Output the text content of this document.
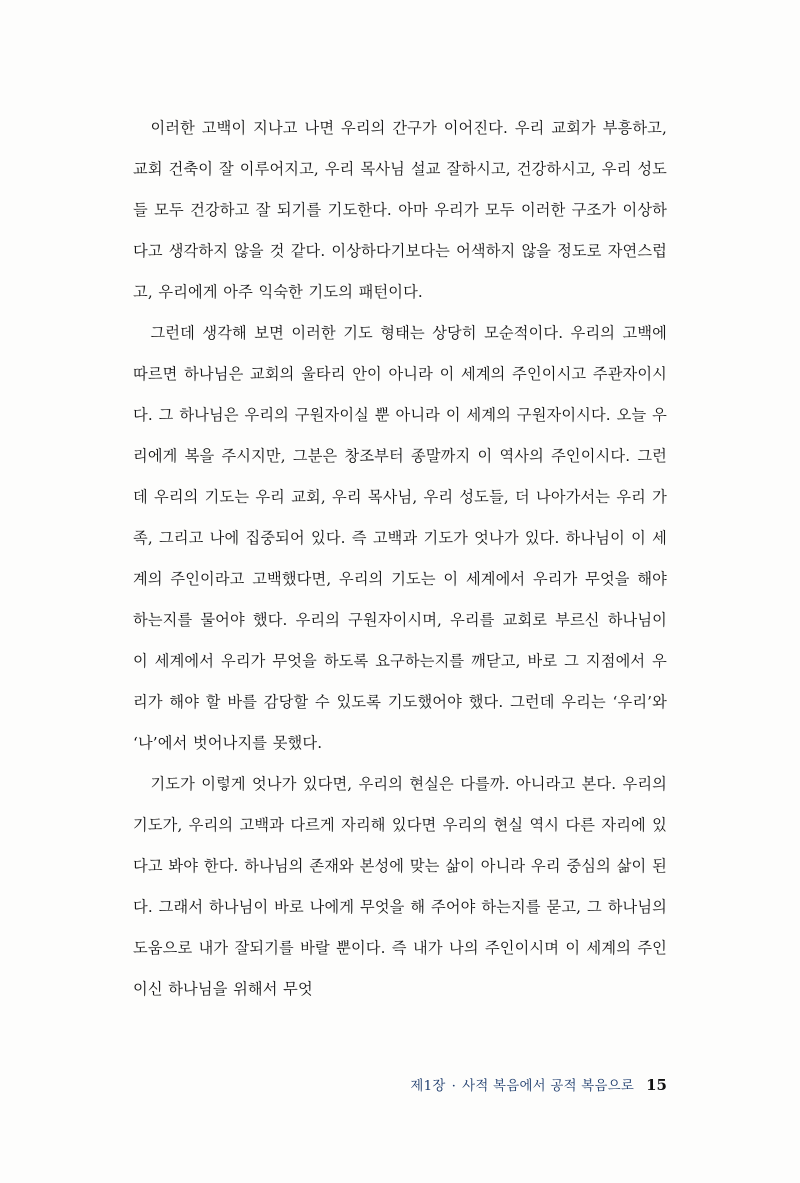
이러한 고백이 지나고 나면 우리의 간구가 이어진다. 우리 교회가 부흥하고, 교회 건축이 잘 이루어지고, 우리 목사님 설교 잘하시고, 건강하시고, 우리 성도들 모두 건강하고 잘 되기를 기도한다. 아마 우리가 모두 이러한 구조가 이상하다고 생각하지 않을 것 같다. 이상하다기보다는 어색하지 않을 정도로 자연스럽고, 우리에게 아주 익숙한 기도의 패턴이다.

그런데 생각해 보면 이러한 기도 형태는 상당히 모순적이다. 우리의 고백에 따르면 하나님은 교회의 울타리 안이 아니라 이 세계의 주인이시고 주관자이시다. 그 하나님은 우리의 구원자이실 뿐 아니라 이 세계의 구원자이시다. 오늘 우리에게 복을 주시지만, 그분은 창조부터 종말까지 이 역사의 주인이시다. 그런데 우리의 기도는 우리 교회, 우리 목사님, 우리 성도들, 더 나아가서는 우리 가족, 그리고 나에 집중되어 있다. 즉 고백과 기도가 엇나가 있다. 하나님이 이 세계의 주인이라고 고백했다면, 우리의 기도는 이 세계에서 우리가 무엇을 해야 하는지를 물어야 했다. 우리의 구원자이시며, 우리를 교회로 부르신 하나님이 이 세계에서 우리가 무엇을 하도록 요구하는지를 깨닫고, 바로 그 지점에서 우리가 해야 할 바를 감당할 수 있도록 기도했어야 했다. 그런데 우리는 ‘우리’와 ‘나’에서 벗어나지를 못했다.

기도가 이렇게 엇나가 있다면, 우리의 현실은 다를까. 아니라고 본다. 우리의 기도가, 우리의 고백과 다르게 자리해 있다면 우리의 현실 역시 다른 자리에 있다고 봐야 한다. 하나님의 존재와 본성에 맞는 삶이 아니라 우리 중심의 삶이 된다. 그래서 하나님이 바로 나에게 무엇을 해 주어야 하는지를 묻고, 그 하나님의 도움으로 내가 잘되기를 바랄 뿐이다. 즉 내가 나의 주인이시며 이 세계의 주인이신 하나님을 위해서 무엇

제1장 · 사적 복음에서 공적 복음으로 15
